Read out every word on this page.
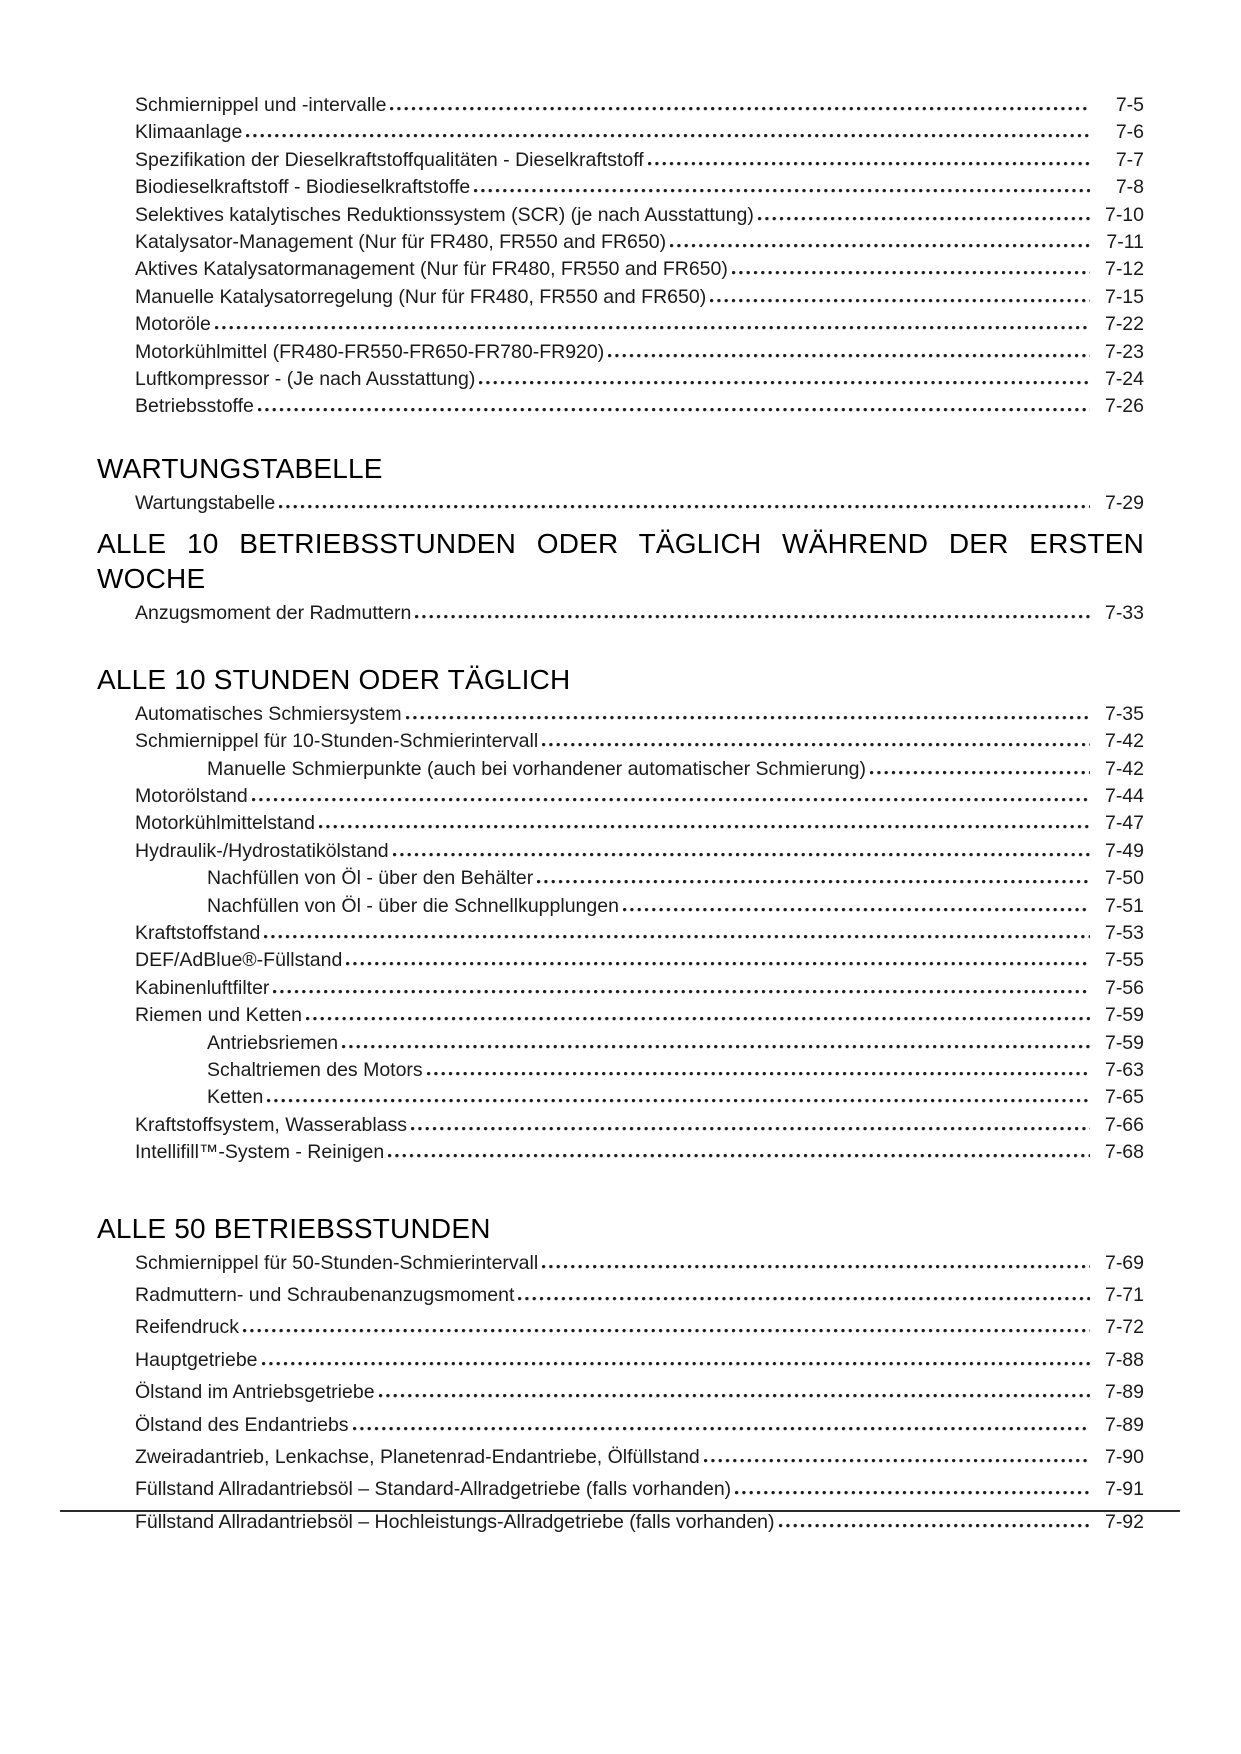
Schmiernippel und -intervalle	7-5
Klimaanlage	7-6
Spezifikation der Dieselkraftstoffqualitäten - Dieselkraftstoff	7-7
Biodieselkraftstoff - Biodieselkraftstoffe	7-8
Selektives katalytisches Reduktionssystem (SCR) (je nach Ausstattung)	7-10
Katalysator-Management (Nur für FR480, FR550 and FR650)	7-11
Aktives Katalysatormanagement (Nur für FR480, FR550 and FR650)	7-12
Manuelle Katalysatorregelung (Nur für FR480, FR550 and FR650)	7-15
Motoröle	7-22
Motorkühlmittel (FR480-FR550-FR650-FR780-FR920)	7-23
Luftkompressor - (Je nach Ausstattung)	7-24
Betriebsstoffe	7-26
WARTUNGSTABELLE
Wartungstabelle	7-29
ALLE 10 BETRIEBSSTUNDEN ODER TÄGLICH WÄHREND DER ERSTEN WOCHE
Anzugsmoment der Radmuttern	7-33
ALLE 10 STUNDEN ODER TÄGLICH
Automatisches Schmiersystem	7-35
Schmiernippel für 10-Stunden-Schmierintervall	7-42
Manuelle Schmierpunkte (auch bei vorhandener automatischer Schmierung)	7-42
Motorölstand	7-44
Motorkühlmittelstand	7-47
Hydraulik-/Hydrostatikölstand	7-49
Nachfüllen von Öl - über den Behälter	7-50
Nachfüllen von Öl - über die Schnellkupplungen	7-51
Kraftstoffstand	7-53
DEF/AdBlue®-Füllstand	7-55
Kabinenluftfilter	7-56
Riemen und Ketten	7-59
Antriebsriemen	7-59
Schaltriemen des Motors	7-63
Ketten	7-65
Kraftstoffsystem, Wasserablass	7-66
Intellifill™-System - Reinigen	7-68
ALLE 50 BETRIEBSSTUNDEN
Schmiernippel für 50-Stunden-Schmierintervall	7-69
Radmuttern- und Schraubenanzugsmoment	7-71
Reifendruck	7-72
Hauptgetriebe	7-88
Ölstand im Antriebsgetriebe	7-89
Ölstand des Endantriebs	7-89
Zweiradantrieb, Lenkachse, Planetenrad-Endantriebe, Ölfüllstand	7-90
Füllstand Allradantriebsöl – Standard-Allradgetriebe (falls vorhanden)	7-91
Füllstand Allradantriebsöl – Hochleistungs-Allradgetriebe (falls vorhanden)	7-92
